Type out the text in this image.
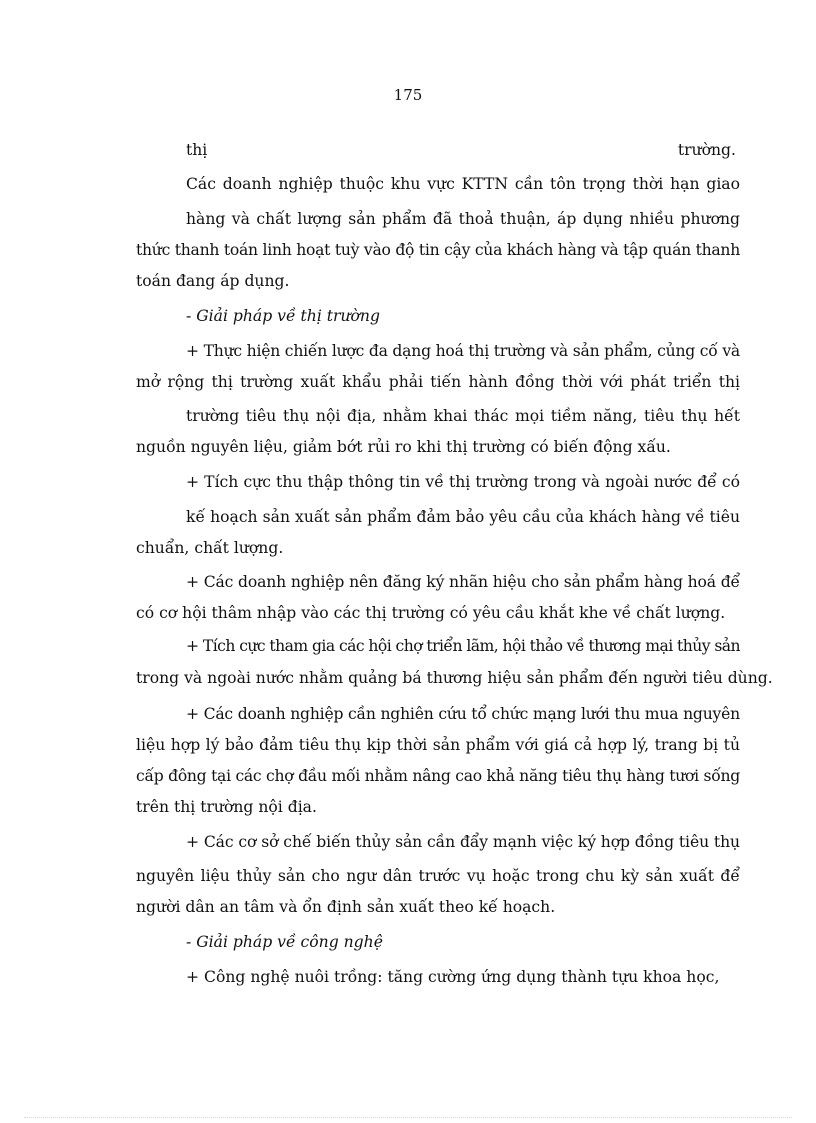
175
thị	trường.
Các doanh nghiệp thuộc khu vực KTTN cần tôn trọng thời hạn giao
hàng và chất lượng sản phẩm đã thoả thuận, áp dụng nhiều phương
thức thanh toán linh hoạt tuỳ vào độ tin cậy của khách hàng và tập quán thanh
toán đang áp dụng.
- Giải pháp về thị trường
+ Thực hiện chiến lược đa dạng hoá thị trường và sản phẩm, củng cố và
mở rộng thị trường xuất khẩu phải tiến hành đồng thời với phát triển thị
trường tiêu thụ nội địa, nhằm khai thác mọi tiềm năng, tiêu thụ hết
nguồn nguyên liệu, giảm bớt rủi ro khi thị trường có biến động xấu.
+ Tích cực thu thập thông tin về thị trường trong và ngoài nước để có
kế hoạch sản xuất sản phẩm đảm bảo yêu cầu của khách hàng về tiêu
chuẩn, chất lượng.
+ Các doanh nghiệp nên đăng ký nhãn hiệu cho sản phẩm hàng hoá để
có cơ hội thâm nhập vào các thị trường có yêu cầu khắt khe về chất lượng.
+ Tích cực tham gia các hội chợ triển lãm, hội thảo về thương mại thủy sản
trong và ngoài nước nhằm quảng bá thương hiệu sản phẩm đến người tiêu dùng.
+ Các doanh nghiệp cần nghiên cứu tổ chức mạng lưới thu mua nguyên
liệu hợp lý bảo đảm tiêu thụ kịp thời sản phẩm với giá cả hợp lý, trang bị tủ
cấp đông tại các chợ đầu mối nhằm nâng cao khả năng tiêu thụ hàng tươi sống
trên thị trường nội địa.
+ Các cơ sở chế biến thủy sản cần đẩy mạnh việc ký hợp đồng tiêu thụ
nguyên liệu thủy sản cho ngư dân trước vụ hoặc trong chu kỳ sản xuất để
người dân an tâm và ổn định sản xuất theo kế hoạch.
- Giải pháp về công nghệ
+ Công nghệ nuôi trồng: tăng cường ứng dụng thành tựu khoa học,
